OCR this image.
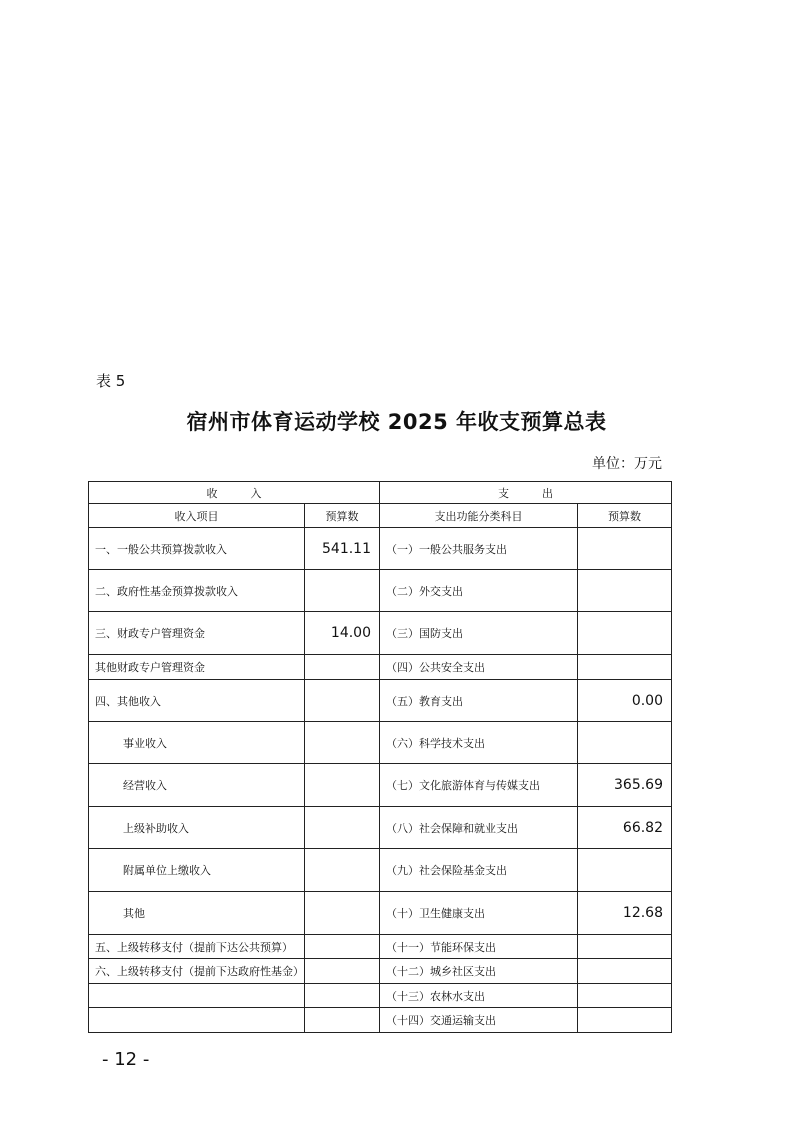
表 5
宿州市体育运动学校 2025 年收支预算总表
单位：万元
收　　　入		支　　　出	
收入项目	预算数	支出功能分类科目	预算数
一、一般公共预算拨款收入	541.11	（一）一般公共服务支出	
二、政府性基金预算拨款收入		（二）外交支出	
三、财政专户管理资金	14.00	（三）国防支出	
其他财政专户管理资金		（四）公共安全支出	
四、其他收入		（五）教育支出	0.00
事业收入		（六）科学技术支出	
经营收入		（七）文化旅游体育与传媒支出	365.69
上级补助收入		（八）社会保障和就业支出	66.82
附属单位上缴收入		（九）社会保险基金支出	
其他		（十）卫生健康支出	12.68
五、上级转移支付（提前下达公共预算）		（十一）节能环保支出	
六、上级转移支付（提前下达政府性基金）		（十二）城乡社区支出	
		（十三）农林水支出	
		（十四）交通运输支出	
- 12 -
